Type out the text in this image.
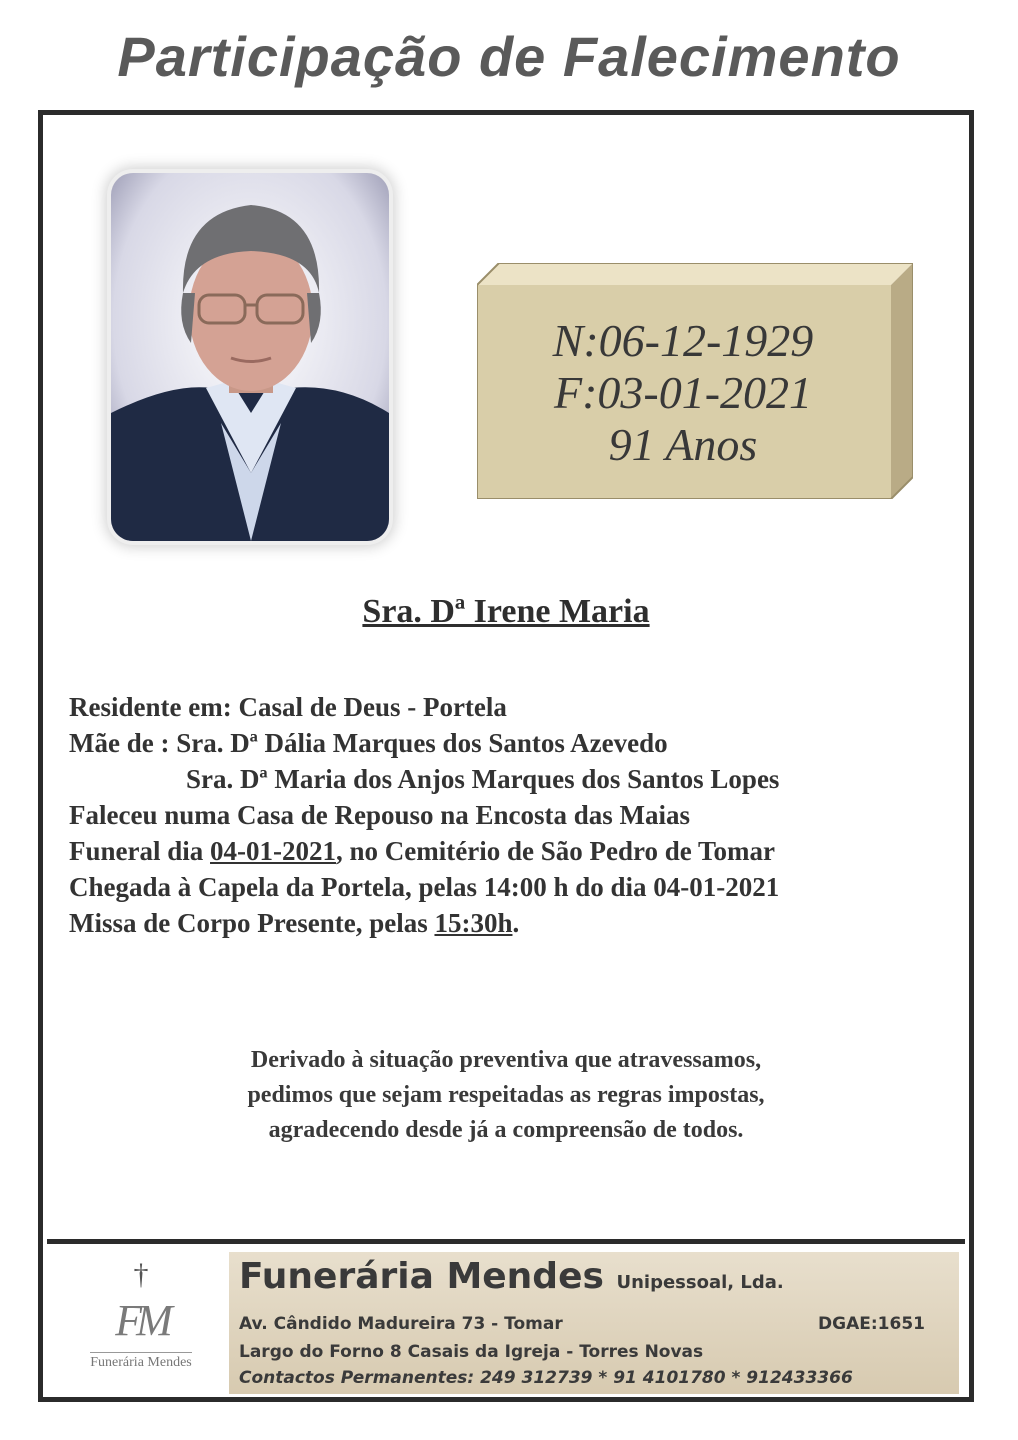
Participação de Falecimento
N:06-12-1929
F:03-01-2021
91 Anos
Sra. Dª Irene Maria
Residente em: Casal de Deus - Portela
Mãe de : Sra. Dª Dália Marques dos Santos Azevedo
Sra. Dª Maria dos Anjos Marques dos Santos Lopes
Faleceu numa Casa de Repouso na Encosta das Maias
Funeral dia 04-01-2021, no Cemitério de São Pedro de Tomar
Chegada à Capela da Portela, pelas 14:00 h do dia 04-01-2021
Missa de Corpo Presente, pelas 15:30h.
Derivado à situação preventiva que atravessamos,
pedimos que sejam respeitadas as regras impostas,
agradecendo desde já a compreensão de todos.
†
FM
Funerária Mendes
Funerária Mendes Unipessoal, Lda.
Av. Cândido Madureira 73 - Tomar	DGAE:1651
Largo do Forno 8 Casais da Igreja - Torres Novas
Contactos Permanentes: 249 312739 * 91 4101780 * 912433366
